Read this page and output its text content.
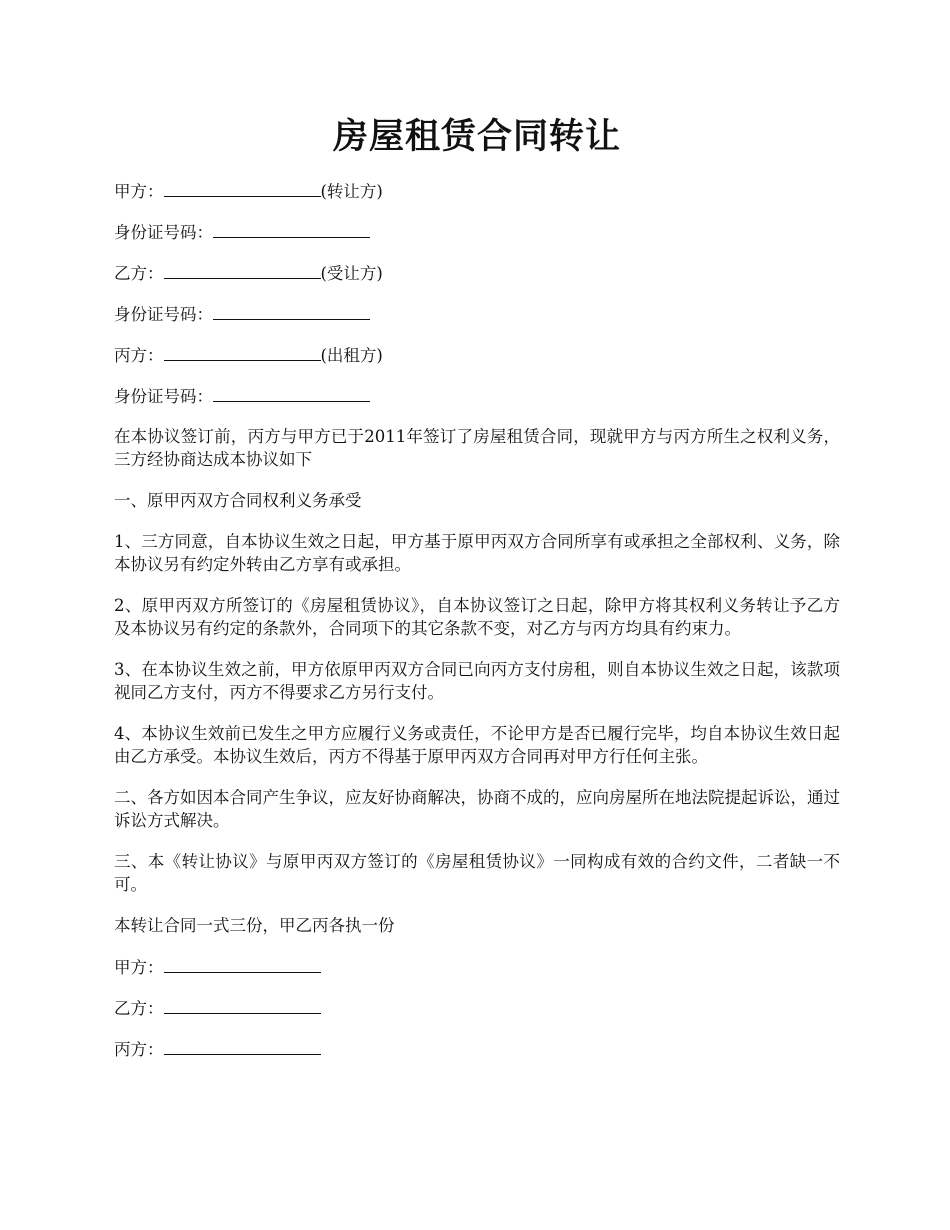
房屋租赁合同转让
甲方：	(转让方)
身份证号码：
乙方：	(受让方)
身份证号码：
丙方：	(出租方)
身份证号码：

在本协议签订前，丙方与甲方已于2011年签订了房屋租赁合同，现就甲方与丙方所生之权利义务，三方经协商达成本协议如下

一、原甲丙双方合同权利义务承受

1、三方同意，自本协议生效之日起，甲方基于原甲丙双方合同所享有或承担之全部权利、义务，除本协议另有约定外转由乙方享有或承担。

2、原甲丙双方所签订的《房屋租赁协议》，自本协议签订之日起，除甲方将其权利义务转让予乙方及本协议另有约定的条款外，合同项下的其它条款不变，对乙方与丙方均具有约束力。

3、在本协议生效之前，甲方依原甲丙双方合同已向丙方支付房租，则自本协议生效之日起，该款项视同乙方支付，丙方不得要求乙方另行支付。

4、本协议生效前已发生之甲方应履行义务或责任，不论甲方是否已履行完毕，均自本协议生效日起由乙方承受。本协议生效后，丙方不得基于原甲丙双方合同再对甲方行任何主张。

二、各方如因本合同产生争议，应友好协商解决，协商不成的，应向房屋所在地法院提起诉讼，通过诉讼方式解决。

三、本《转让协议》与原甲丙双方签订的《房屋租赁协议》一同构成有效的合约文件，二者缺一不可。

本转让合同一式三份，甲乙丙各执一份

甲方：
乙方：
丙方：
